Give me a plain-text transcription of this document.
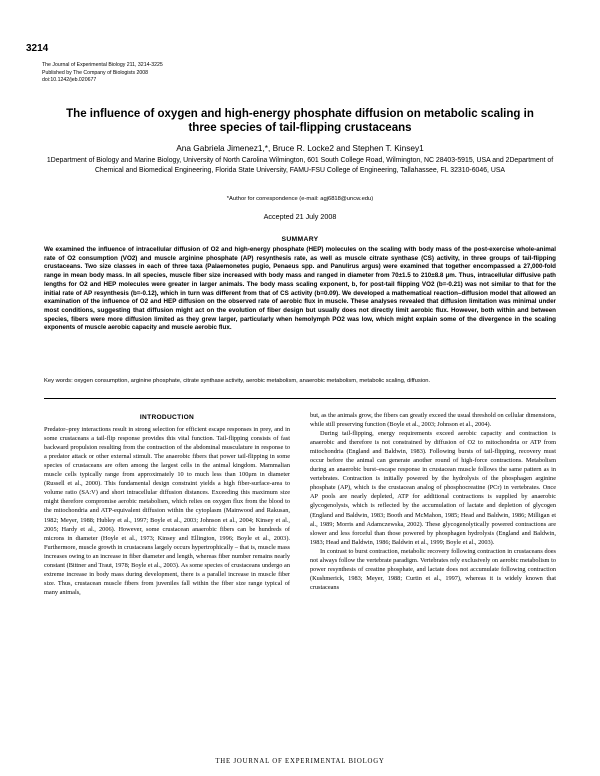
3214
The Journal of Experimental Biology 211, 3214-3225
Published by The Company of Biologists 2008
doi:10.1242/jeb.020677
The influence of oxygen and high-energy phosphate diffusion on metabolic scaling in three species of tail-flipping crustaceans
Ana Gabriela Jimenez1,*, Bruce R. Locke2 and Stephen T. Kinsey1
1Department of Biology and Marine Biology, University of North Carolina Wilmington, 601 South College Road, Wilmington, NC 28403-5915, USA and 2Department of Chemical and Biomedical Engineering, Florida State University, FAMU-FSU College of Engineering, Tallahassee, FL 32310-6046, USA
*Author for correspondence (e-mail: agj6818@uncw.edu)
Accepted 21 July 2008
SUMMARY
We examined the influence of intracellular diffusion of O2 and high-energy phosphate (HEP) molecules on the scaling with body mass of the post-exercise whole-animal rate of O2 consumption (VO2) and muscle arginine phosphate (AP) resynthesis rate, as well as muscle citrate synthase (CS) activity, in three groups of tail-flipping crustaceans. Two size classes in each of three taxa (Palaemonetes pugio, Penaeus spp. and Panulirus argus) were examined that together encompassed a 27,000-fold range in mean body mass. In all species, muscle fiber size increased with body mass and ranged in diameter from 70±1.5 to 210±8.8 μm. Thus, intracellular diffusive path lengths for O2 and HEP molecules were greater in larger animals. The body mass scaling exponent, b, for post-tail flipping VO2 (b=-0.21) was not similar to that for the initial rate of AP resynthesis (b=-0.12), which in turn was different from that of CS activity (b=0.09). We developed a mathematical reaction–diffusion model that allowed an examination of the influence of O2 and HEP diffusion on the observed rate of aerobic flux in muscle. These analyses revealed that diffusion limitation was minimal under most conditions, suggesting that diffusion might act on the evolution of fiber design but usually does not directly limit aerobic flux. However, both within and between species, fibers were more diffusion limited as they grew larger, particularly when hemolymph PO2 was low, which might explain some of the divergence in the scaling exponents of muscle aerobic capacity and muscle aerobic flux.
Key words: oxygen consumption, arginine phosphate, citrate synthase activity, aerobic metabolism, anaerobic metabolism, metabolic scaling, diffusion.
INTRODUCTION

Predator–prey interactions result in strong selection for efficient escape responses in prey, and in some crustaceans a tail-flip response provides this vital function. Tail-flipping consists of fast backward propulsion resulting from the contraction of the abdominal musculature in response to a predator attack or other external stimuli. The anaerobic fibers that power tail-flipping in some species of crustaceans are often among the largest cells in the animal kingdom. Mammalian muscle cells typically range from approximately 10 to much less than 100μm in diameter (Russell et al., 2000). This fundamental design constraint yields a high fiber-surface-area to volume ratio (SA:V) and short intracellular diffusion distances. Exceeding this maximum size might therefore compromise aerobic metabolism, which relies on oxygen flux from the blood to the mitochondria and ATP-equivalent diffusion within the cytoplasm (Mainwood and Rakusan, 1982; Meyer, 1988; Hubley et al., 1997; Boyle et al., 2003; Johnson et al., 2004; Kinsey et al., 2005; Hardy et al., 2006). However, some crustacean anaerobic fibers can be hundreds of microns in diameter (Hoyle et al., 1973; Kinsey and Ellington, 1996; Boyle et al., 2003). Furthermore, muscle growth in crustaceans largely occurs hypertrophically – that is, muscle mass increases owing to an increase in fiber diameter and length, whereas fiber number remains nearly constant (Bittner and Traut, 1978; Boyle et al., 2003). As some species of crustaceans undergo an extreme increase in body mass during development, there is a parallel increase in muscle fiber size. Thus, crustacean muscle fibers from juveniles fall within the fiber size range typical of many animals,

but, as the animals grow, the fibers can greatly exceed the usual threshold on cellular dimensions, while still preserving function (Boyle et al., 2003; Johnson et al., 2004).

During tail-flipping, energy requirements exceed aerobic capacity and contraction is anaerobic and therefore is not constrained by diffusion of O2 to mitochondria or ATP from mitochondria (England and Baldwin, 1983). Following bursts of tail-flipping, recovery must occur before the animal can generate another round of high-force contractions. Metabolism during an anaerobic burst–escape response in crustacean muscle follows the same pattern as in vertebrates. Contraction is initially powered by the hydrolysis of the phosphagen arginine phosphate (AP), which is the crustacean analog of phosphocreatine (PCr) in vertebrates. Once AP pools are nearly depleted, ATP for additional contractions is supplied by anaerobic glycogenolysis, which is reflected by the accumulation of lactate and depletion of glycogen (England and Baldwin, 1983; Booth and McMahon, 1985; Head and Baldwin, 1986; Milligan et al., 1989; Morris and Adamczewska, 2002). These glycogenolytically powered contractions are slower and less forceful than those powered by phosphagen hydrolysis (England and Baldwin, 1983; Head and Baldwin, 1986; Baldwin et al., 1999; Boyle et al., 2003).

In contrast to burst contraction, metabolic recovery following contraction in crustaceans does not always follow the vertebrate paradigm. Vertebrates rely exclusively on aerobic metabolism to power resynthesis of creatine phosphate, and lactate does not accumulate following contraction (Kushmerick, 1983; Meyer, 1988; Curtin et al., 1997), whereas it is widely known that crustaceans

THE JOURNAL OF EXPERIMENTAL BIOLOGY
